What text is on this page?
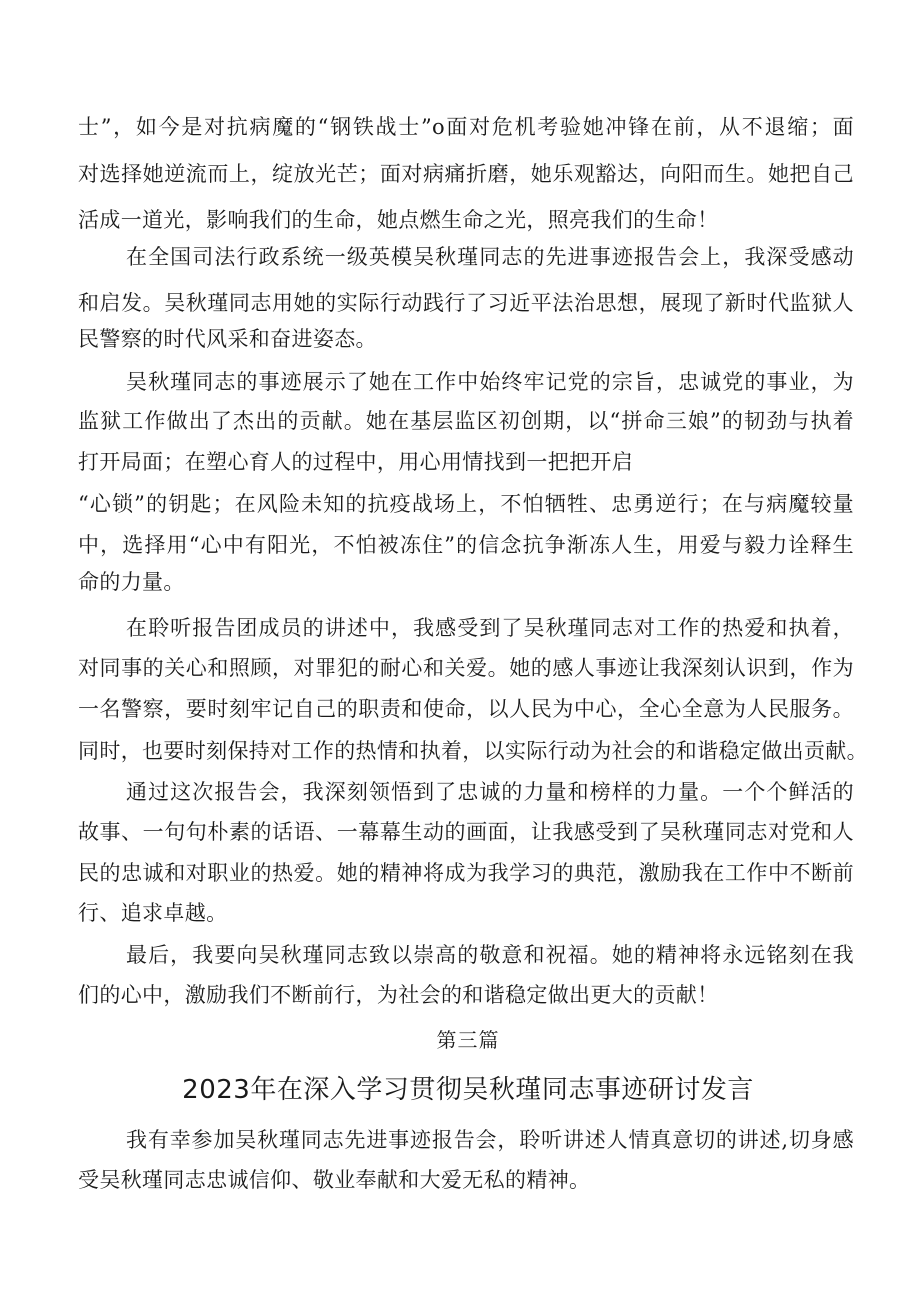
士”，如今是对抗病魔的“钢铁战士”o面对危机考验她冲锋在前，从不退缩；面
对选择她逆流而上，绽放光芒；面对病痛折磨，她乐观豁达，向阳而生。她把自己
活成一道光，影响我们的生命，她点燃生命之光，照亮我们的生命！
在全国司法行政系统一级英模吴秋瑾同志的先进事迹报告会上，我深受感动
和启发。吴秋瑾同志用她的实际行动践行了习近平法治思想，展现了新时代监狱人
民警察的时代风采和奋进姿态。
吴秋瑾同志的事迹展示了她在工作中始终牢记党的宗旨，忠诚党的事业，为
监狱工作做出了杰出的贡献。她在基层监区初创期，以“拼命三娘”的韧劲与执着
打开局面；在塑心育人的过程中，用心用情找到一把把开启
“心锁”的钥匙；在风险未知的抗疫战场上，不怕牺牲、忠勇逆行；在与病魔较量
中，选择用“心中有阳光，不怕被冻住”的信念抗争渐冻人生，用爱与毅力诠释生
命的力量。
在聆听报告团成员的讲述中，我感受到了吴秋瑾同志对工作的热爱和执着，
对同事的关心和照顾，对罪犯的耐心和关爱。她的感人事迹让我深刻认识到，作为
一名警察，要时刻牢记自己的职责和使命，以人民为中心，全心全意为人民服务。
同时，也要时刻保持对工作的热情和执着，以实际行动为社会的和谐稳定做出贡献。
通过这次报告会，我深刻领悟到了忠诚的力量和榜样的力量。一个个鲜活的
故事、一句句朴素的话语、一幕幕生动的画面，让我感受到了吴秋瑾同志对党和人
民的忠诚和对职业的热爱。她的精神将成为我学习的典范，激励我在工作中不断前
行、追求卓越。
最后，我要向吴秋瑾同志致以崇高的敬意和祝福。她的精神将永远铭刻在我
们的心中，激励我们不断前行，为社会的和谐稳定做出更大的贡献！
第三篇
2023年在深入学习贯彻吴秋瑾同志事迹研讨发言
我有幸参加吴秋瑾同志先进事迹报告会，聆听讲述人情真意切的讲述,切身感
受吴秋瑾同志忠诚信仰、敬业奉献和大爱无私的精神。
